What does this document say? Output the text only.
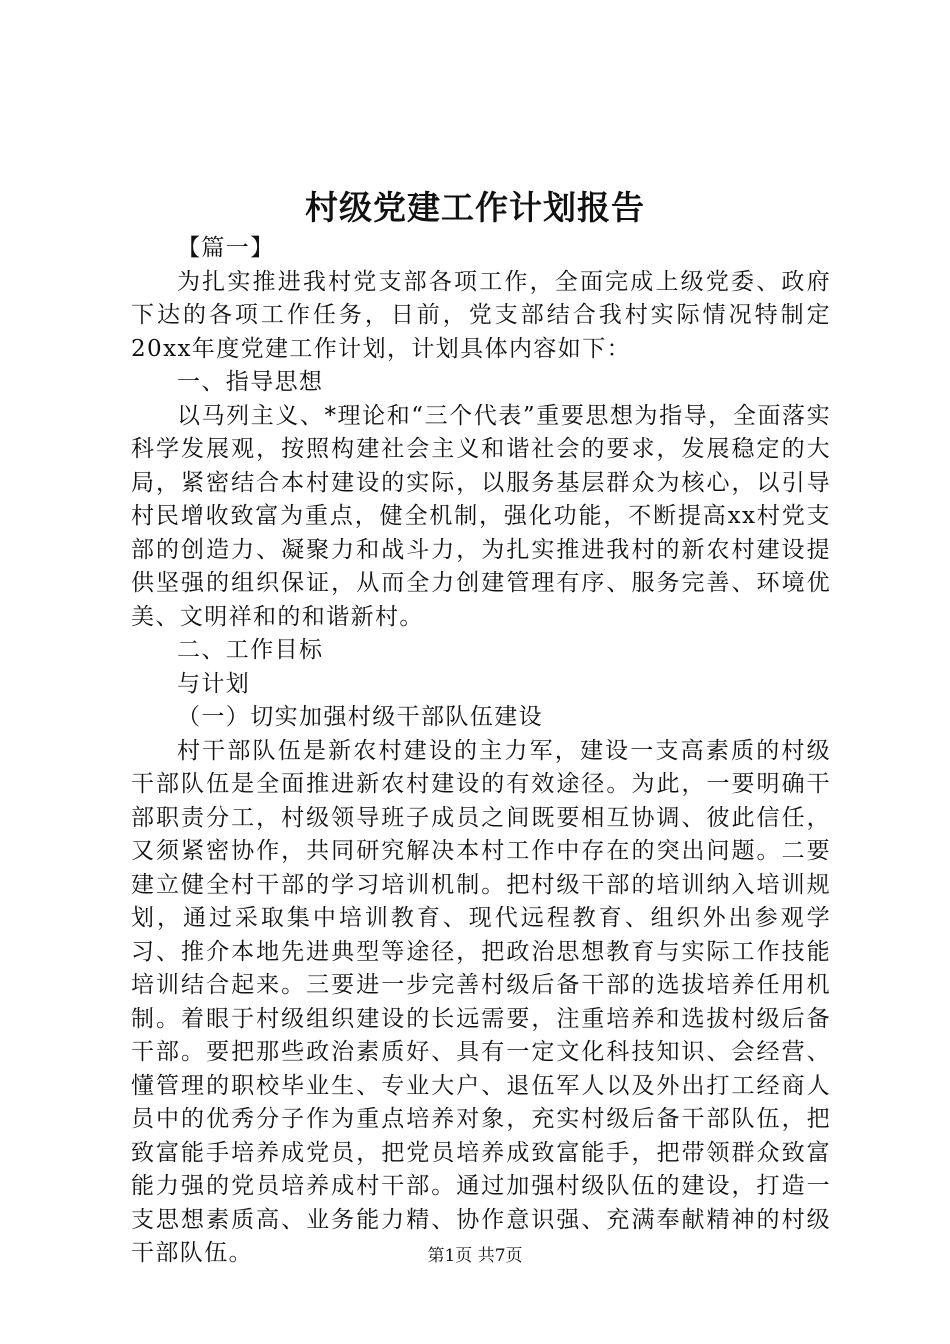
村级党建工作计划报告

【篇一】

为扎实推进我村党支部各项工作，全面完成上级党委、政府下达的各项工作任务，日前，党支部结合我村实际情况特制定20xx年度党建工作计划，计划具体内容如下：

一、指导思想

以马列主义、*理论和“三个代表”重要思想为指导，全面落实科学发展观，按照构建社会主义和谐社会的要求，发展稳定的大局，紧密结合本村建设的实际，以服务基层群众为核心，以引导村民增收致富为重点，健全机制，强化功能，不断提高xx村党支部的创造力、凝聚力和战斗力，为扎实推进我村的新农村建设提供坚强的组织保证，从而全力创建管理有序、服务完善、环境优美、文明祥和的和谐新村。

二、工作目标

与计划

（一）切实加强村级干部队伍建设

村干部队伍是新农村建设的主力军，建设一支高素质的村级干部队伍是全面推进新农村建设的有效途径。为此，一要明确干部职责分工，村级领导班子成员之间既要相互协调、彼此信任，又须紧密协作，共同研究解决本村工作中存在的突出问题。二要建立健全村干部的学习培训机制。把村级干部的培训纳入培训规划，通过采取集中培训教育、现代远程教育、组织外出参观学习、推介本地先进典型等途径，把政治思想教育与实际工作技能培训结合起来。三要进一步完善村级后备干部的选拔培养任用机制。着眼于村级组织建设的长远需要，注重培养和选拔村级后备干部。要把那些政治素质好、具有一定文化科技知识、会经营、懂管理的职校毕业生、专业大户、退伍军人以及外出打工经商人员中的优秀分子作为重点培养对象，充实村级后备干部队伍，把致富能手培养成党员，把党员培养成致富能手，把带领群众致富能力强的党员培养成村干部。通过加强村级队伍的建设，打造一支思想素质高、业务能力精、协作意识强、充满奉献精神的村级干部队伍。	第1页 共7页
